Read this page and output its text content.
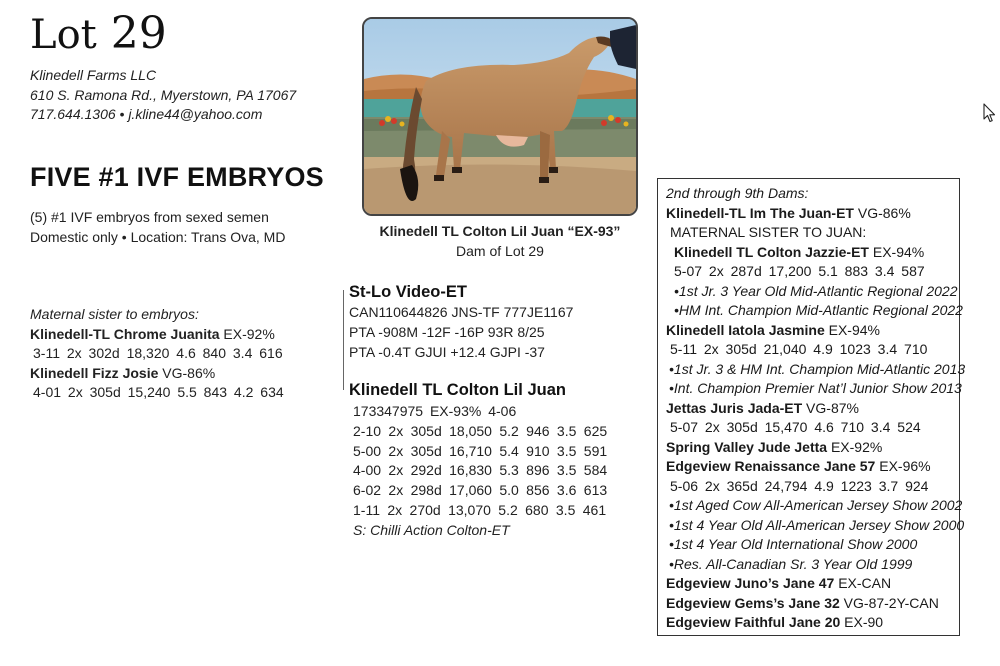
Lot 29
Klinedell Farms LLC
610 S. Ramona Rd., Myerstown, PA 17067
717.644.1306 • j.kline44@yahoo.com
FIVE #1 IVF EMBRYOS
(5) #1 IVF embryos from sexed semen
Domestic only • Location: Trans Ova, MD
Maternal sister to embryos:
Klinedell-TL Chrome Juanita EX-92%
3-11 2x 302d 18,320 4.6 840 3.4 616
Klinedell Fizz Josie VG-86%
4-01 2x 305d 15,240 5.5 843 4.2 634
Klinedell TL Colton Lil Juan “EX-93”
Dam of Lot 29
St-Lo Video-ET
CAN110644826 JNS-TF 777JE1167
PTA -908M -12F -16P 93R 8/25
PTA -0.4T GJUI +12.4 GJPI -37
Klinedell TL Colton Lil Juan
173347975 EX-93% 4-06
2-10 2x 305d 18,050 5.2 946 3.5 625
5-00 2x 305d 16,710 5.4 910 3.5 591
4-00 2x 292d 16,830 5.3 896 3.5 584
6-02 2x 298d 17,060 5.0 856 3.6 613
1-11 2x 270d 13,070 5.2 680 3.5 461
S: Chilli Action Colton-ET
2nd through 9th Dams:
Klinedell-TL Im The Juan-ET VG-86%
MATERNAL SISTER TO JUAN:
Klinedell TL Colton Jazzie-ET EX-94%
5-07 2x 287d 17,200 5.1 883 3.4 587
•1st Jr. 3 Year Old Mid-Atlantic Regional 2022
•HM Int. Champion Mid-Atlantic Regional 2022
Klinedell Iatola Jasmine EX-94%
5-11 2x 305d 21,040 4.9 1023 3.4 710
•1st Jr. 3 & HM Int. Champion Mid-Atlantic 2013
•Int. Champion Premier Nat’l Junior Show 2013
Jettas Juris Jada-ET VG-87%
5-07 2x 305d 15,470 4.6 710 3.4 524
Spring Valley Jude Jetta EX-92%
Edgeview Renaissance Jane 57 EX-96%
5-06 2x 365d 24,794 4.9 1223 3.7 924
•1st Aged Cow All-American Jersey Show 2002
•1st 4 Year Old All-American Jersey Show 2000
•1st 4 Year Old International Show 2000
•Res. All-Canadian Sr. 3 Year Old 1999
Edgeview Juno’s Jane 47 EX-CAN
Edgeview Gems’s Jane 32 VG-87-2Y-CAN
Edgeview Faithful Jane 20 EX-90
